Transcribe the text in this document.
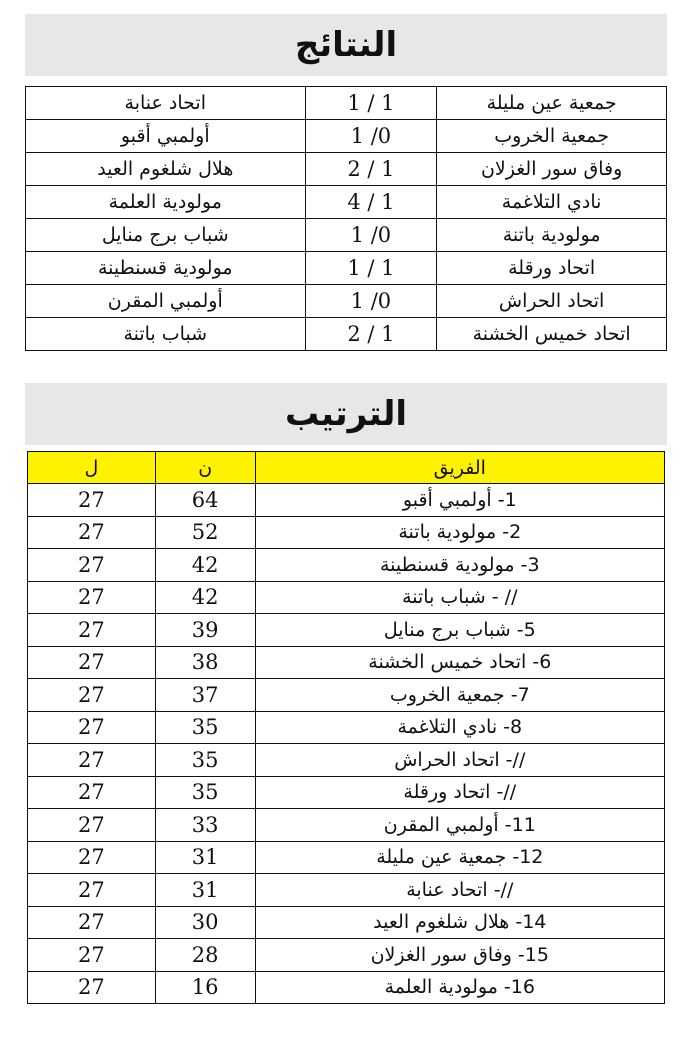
النتائج
جمعية عين مليلة	1 / 1	اتحاد عنابة
جمعية الخروب	1 /0	أولمبي أقبو
وفاق سور الغزلان	2 / 1	هلال شلغوم العيد
نادي التلاغمة	4 / 1	مولودية العلمة
مولودية باتنة	1 /0	شباب برج منايل
اتحاد ورقلة	1 / 1	مولودية قسنطينة
اتحاد الحراش	1 /0	أولمبي المقرن
اتحاد خميس الخشنة	2 / 1	شباب باتنة
الترتيب
الفريق	ن	ل
1- أولمبي أقبو	64	27
2- مولودية باتنة	52	27
3- مولودية قسنطينة	42	27
// - شباب باتنة	42	27
5- شباب برج منايل	39	27
6- اتحاد خميس الخشنة	38	27
7- جمعية الخروب	37	27
8- نادي التلاغمة	35	27
//- اتحاد الحراش	35	27
//- اتحاد ورقلة	35	27
11- أولمبي المقرن	33	27
12- جمعية عين مليلة	31	27
//- اتحاد عنابة	31	27
14- هلال شلغوم العيد	30	27
15- وفاق سور الغزلان	28	27
16- مولودية العلمة	16	27
